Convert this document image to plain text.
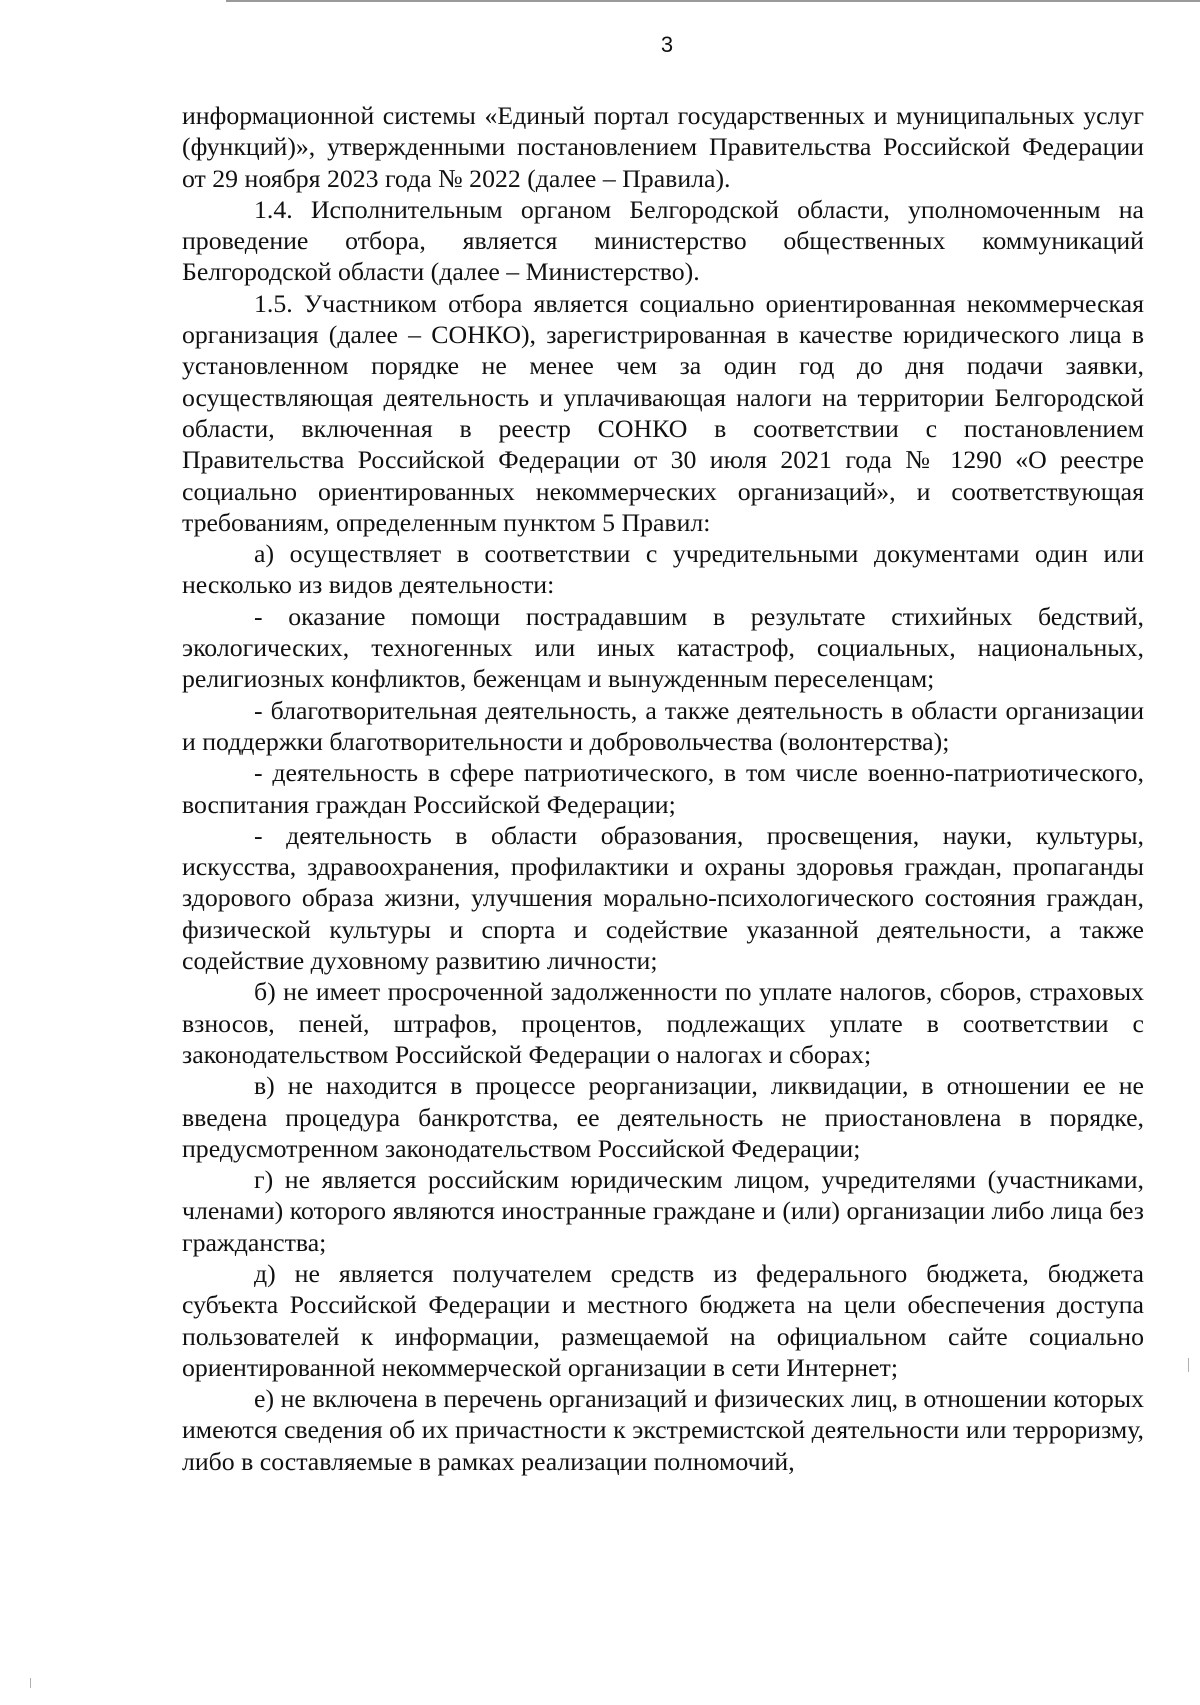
3

информационной системы «Единый портал государственных и муниципальных услуг (функций)», утвержденными постановлением Правительства Российской Федерации от 29 ноября 2023 года № 2022 (далее – Правила).

1.4. Исполнительным органом Белгородской области, уполномоченным на проведение отбора, является министерство общественных коммуникаций Белгородской области (далее – Министерство).

1.5. Участником отбора является социально ориентированная некоммерческая организация (далее – СОНКО), зарегистрированная в качестве юридического лица в установленном порядке не менее чем за один год до дня подачи заявки, осуществляющая деятельность и уплачивающая налоги на территории Белгородской области, включенная в реестр СОНКО в соответствии с постановлением Правительства Российской Федерации от 30 июля 2021 года № 1290 «О реестре социально ориентированных некоммерческих организаций», и соответствующая требованиям, определенным пунктом 5 Правил:

а) осуществляет в соответствии с учредительными документами один или несколько из видов деятельности:

- оказание помощи пострадавшим в результате стихийных бедствий, экологических, техногенных или иных катастроф, социальных, национальных, религиозных конфликтов, беженцам и вынужденным переселенцам;

- благотворительная деятельность, а также деятельность в области организации и поддержки благотворительности и добровольчества (волонтерства);

- деятельность в сфере патриотического, в том числе военно-патриотического, воспитания граждан Российской Федерации;

- деятельность в области образования, просвещения, науки, культуры, искусства, здравоохранения, профилактики и охраны здоровья граждан, пропаганды здорового образа жизни, улучшения морально-психологического состояния граждан, физической культуры и спорта и содействие указанной деятельности, а также содействие духовному развитию личности;

б) не имеет просроченной задолженности по уплате налогов, сборов, страховых взносов, пеней, штрафов, процентов, подлежащих уплате в соответствии с законодательством Российской Федерации о налогах и сборах;

в) не находится в процессе реорганизации, ликвидации, в отношении ее не введена процедура банкротства, ее деятельность не приостановлена в порядке, предусмотренном законодательством Российской Федерации;

г) не является российским юридическим лицом, учредителями (участниками, членами) которого являются иностранные граждане и (или) организации либо лица без гражданства;

д) не является получателем средств из федерального бюджета, бюджета субъекта Российской Федерации и местного бюджета на цели обеспечения доступа пользователей к информации, размещаемой на официальном сайте социально ориентированной некоммерческой организации в сети Интернет;

е) не включена в перечень организаций и физических лиц, в отношении которых имеются сведения об их причастности к экстремистской деятельности или терроризму, либо в составляемые в рамках реализации полномочий,
